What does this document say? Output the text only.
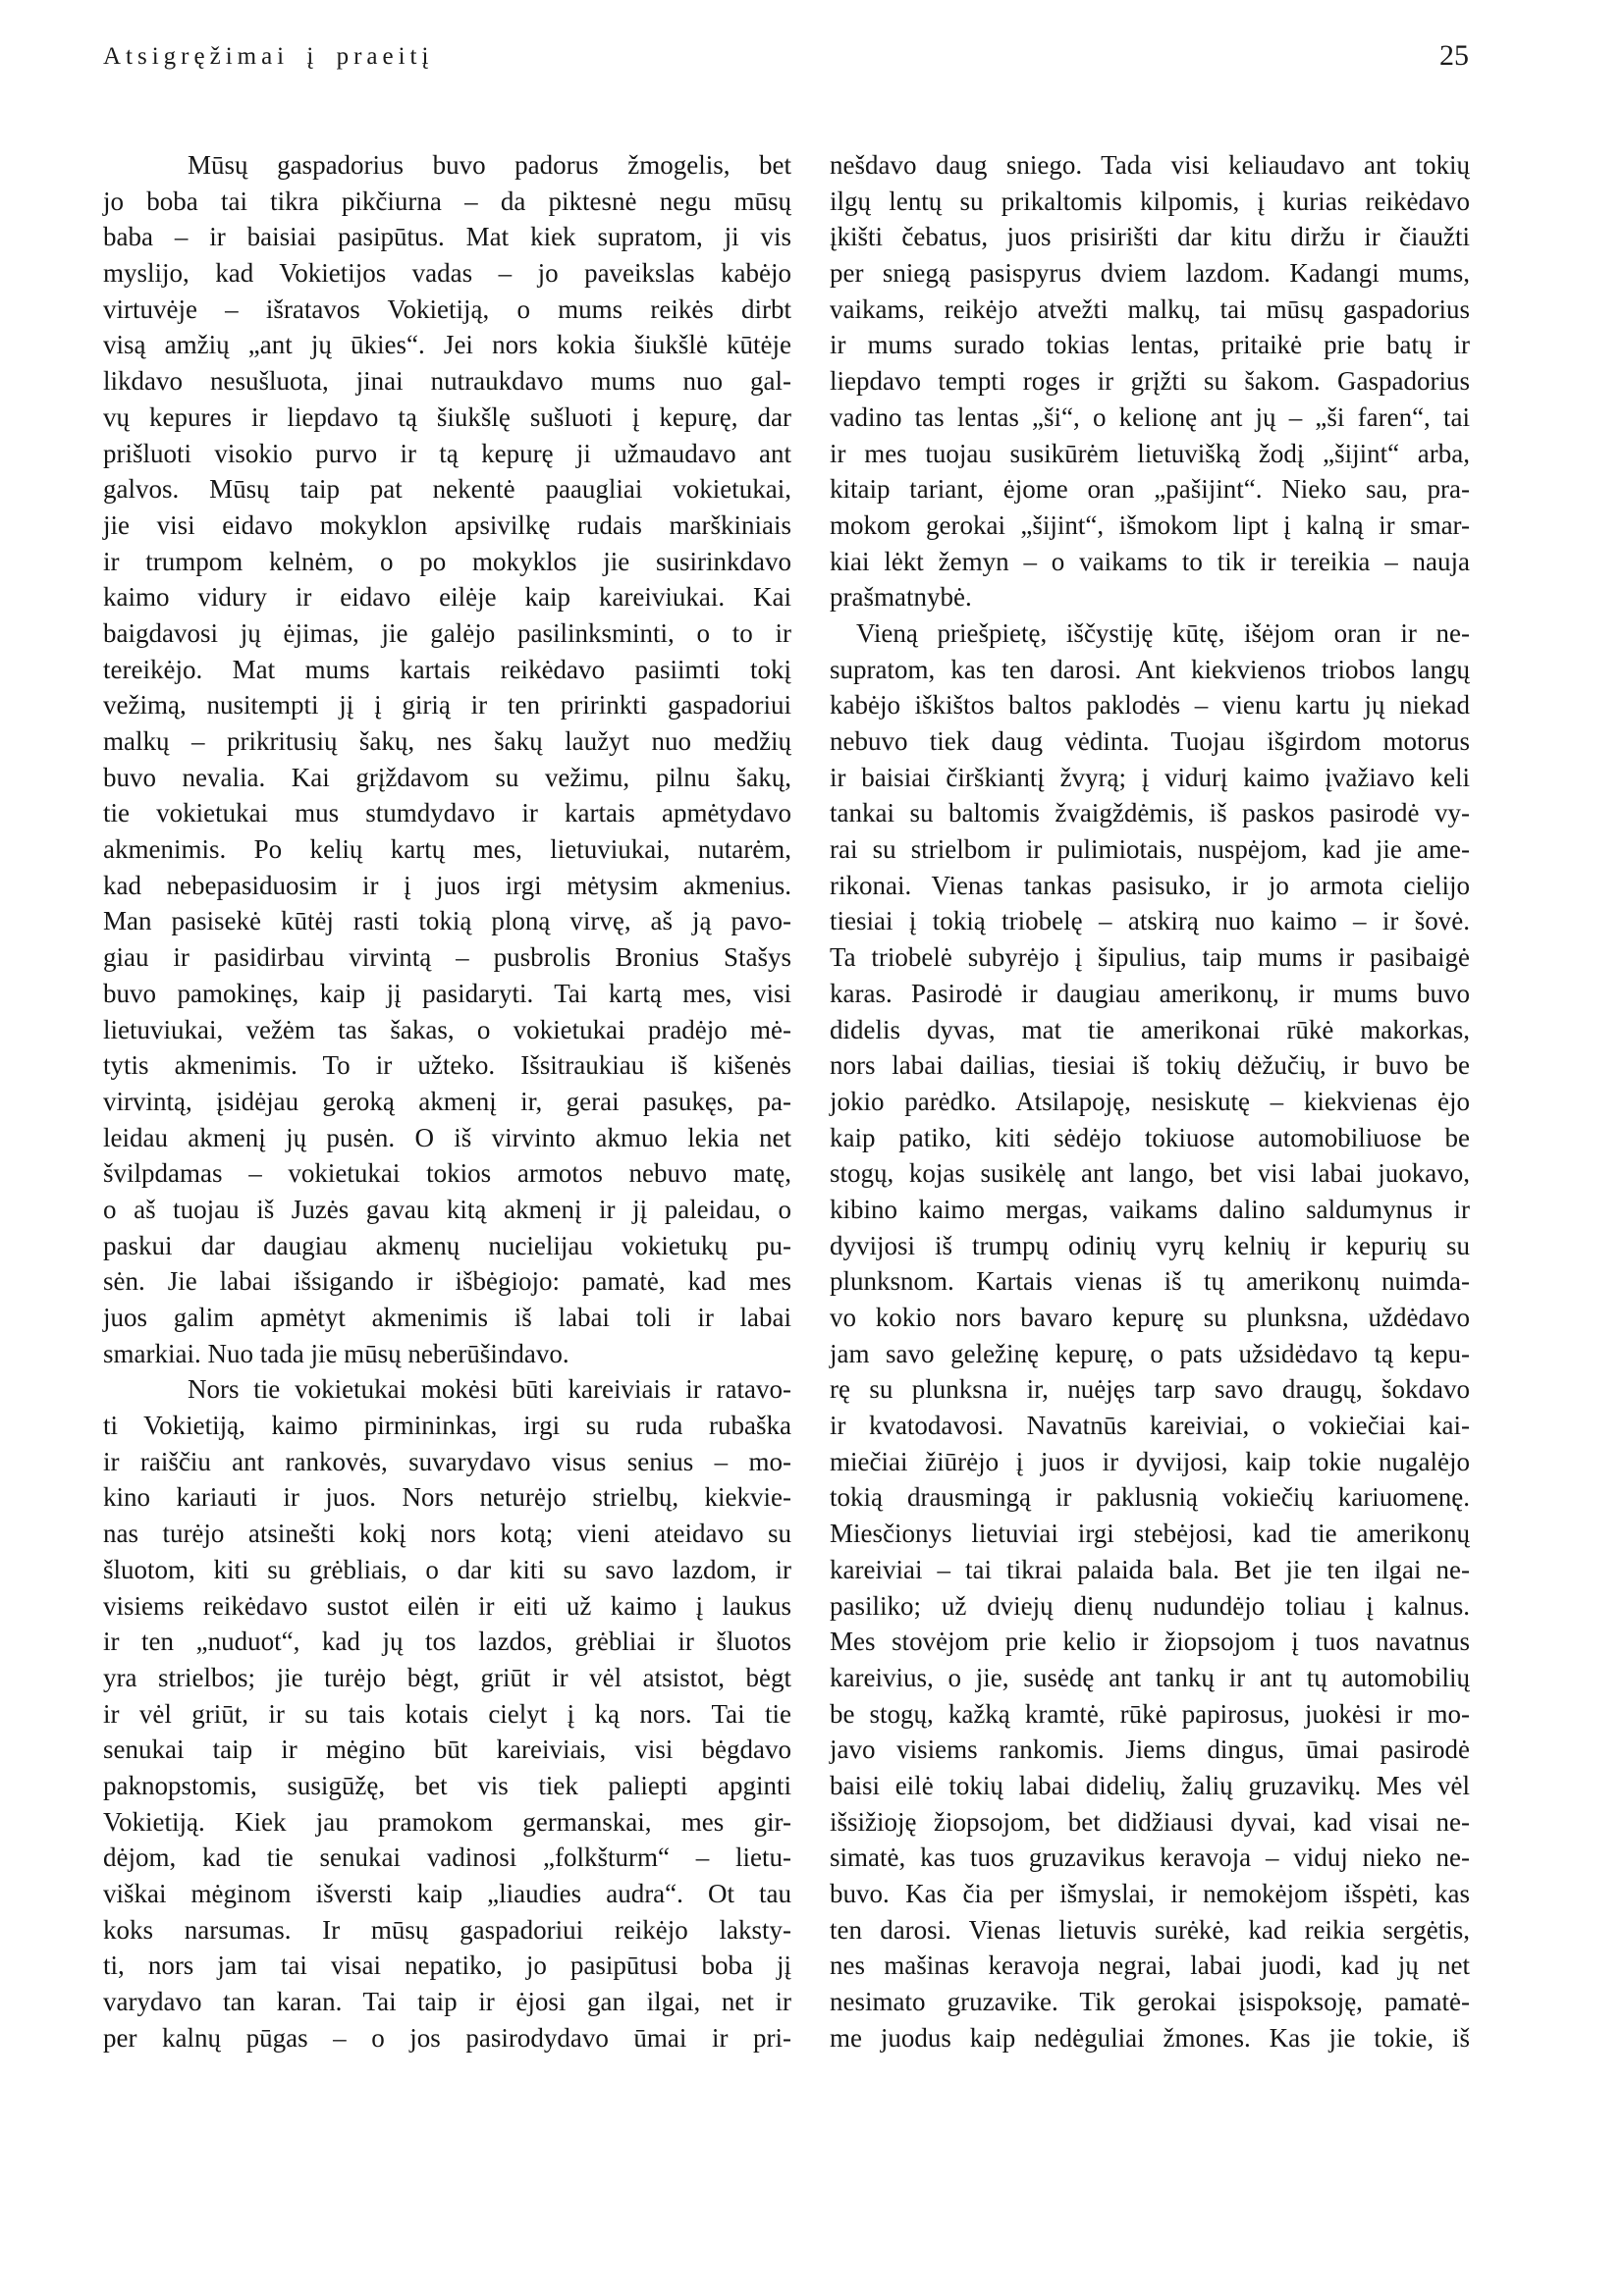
Atsigręžimai į praeitį	25
Mūsų gaspadorius buvo padorus žmogelis, bet
jo boba tai tikra pikčiurna – da piktesnė negu mūsų
baba – ir baisiai pasipūtus. Mat kiek supratom, ji vis
myslijo, kad Vokietijos vadas – jo paveikslas kabėjo
virtuvėje – išratavos Vokietiją, o mums reikės dirbt
visą amžių „ant jų ūkies“. Jei nors kokia šiukšlė kūtėje
likdavo nesušluota, jinai nutraukdavo mums nuo gal-
vų kepures ir liepdavo tą šiukšlę sušluoti į kepurę, dar
prišluoti visokio purvo ir tą kepurę ji užmaudavo ant
galvos. Mūsų taip pat nekentė paaugliai vokietukai,
jie visi eidavo mokyklon apsivilkę rudais marškiniais
ir trumpom kelnėm, o po mokyklos jie susirinkdavo
kaimo vidury ir eidavo eilėje kaip kareiviukai. Kai
baigdavosi jų ėjimas, jie galėjo pasilinksminti, o to ir
tereikėjo. Mat mums kartais reikėdavo pasiimti tokį
vežimą, nusitempti jį į girią ir ten pririnkti gaspadoriui
malkų – prikritusių šakų, nes šakų laužyt nuo medžių
buvo nevalia. Kai grįždavom su vežimu, pilnu šakų,
tie vokietukai mus stumdydavo ir kartais apmėtydavo
akmenimis. Po kelių kartų mes, lietuviukai, nutarėm,
kad nebepasiduosim ir į juos irgi mėtysim akmenius.
Man pasisekė kūtėj rasti tokią ploną virvę, aš ją pavo-
giau ir pasidirbau virvintą – pusbrolis Bronius Stašys
buvo pamokinęs, kaip jį pasidaryti. Tai kartą mes, visi
lietuviukai, vežėm tas šakas, o vokietukai pradėjo mė-
tytis akmenimis. To ir užteko. Išsitraukiau iš kišenės
virvintą, įsidėjau geroką akmenį ir, gerai pasukęs, pa-
leidau akmenį jų pusėn. O iš virvinto akmuo lekia net
švilpdamas – vokietukai tokios armotos nebuvo matę,
o aš tuojau iš Juzės gavau kitą akmenį ir jį paleidau, o
paskui dar daugiau akmenų nucielijau vokietukų pu-
sėn. Jie labai išsigando ir išbėgiojo: pamatė, kad mes
juos galim apmėtyt akmenimis iš labai toli ir labai
smarkiai. Nuo tada jie mūsų neberūšindavo.
Nors tie vokietukai mokėsi būti kareiviais ir ratavo-
ti Vokietiją, kaimo pirmininkas, irgi su ruda rubaška
ir raiščiu ant rankovės, suvarydavo visus senius – mo-
kino kariauti ir juos. Nors neturėjo strielbų, kiekvie-
nas turėjo atsinešti kokį nors kotą; vieni ateidavo su
šluotom, kiti su grėbliais, o dar kiti su savo lazdom, ir
visiems reikėdavo sustot eilėn ir eiti už kaimo į laukus
ir ten „nuduot“, kad jų tos lazdos, grėbliai ir šluotos
yra strielbos; jie turėjo bėgt, griūt ir vėl atsistot, bėgt
ir vėl griūt, ir su tais kotais cielyt į ką nors. Tai tie
senukai taip ir mėgino būt kareiviais, visi bėgdavo
paknopstomis, susigūžę, bet vis tiek paliepti apginti
Vokietiją. Kiek jau pramokom germanskai, mes gir-
dėjom, kad tie senukai vadinosi „folkšturm“ – lietu-
viškai mėginom išversti kaip „liaudies audra“. Ot tau
koks narsumas. Ir mūsų gaspadoriui reikėjo laksty-
ti, nors jam tai visai nepatiko, jo pasipūtusi boba jį
varydavo tan karan. Tai taip ir ėjosi gan ilgai, net ir
per kalnų pūgas – o jos pasirodydavo ūmai ir pri-
nešdavo daug sniego. Tada visi keliaudavo ant tokių
ilgų lentų su prikaltomis kilpomis, į kurias reikėdavo
įkišti čebatus, juos prisirišti dar kitu diržu ir čiaužti
per sniegą pasispyrus dviem lazdom. Kadangi mums,
vaikams, reikėjo atvežti malkų, tai mūsų gaspadorius
ir mums surado tokias lentas, pritaikė prie batų ir
liepdavo tempti roges ir grįžti su šakom. Gaspadorius
vadino tas lentas „ši“, o kelionę ant jų – „ši faren“, tai
ir mes tuojau susikūrėm lietuvišką žodį „šijint“ arba,
kitaip tariant, ėjome oran „pašijint“. Nieko sau, pra-
mokom gerokai „šijint“, išmokom lipt į kalną ir smar-
kiai lėkt žemyn – o vaikams to tik ir tereikia – nauja
prašmatnybė.
Vieną priešpietę, iščystiję kūtę, išėjom oran ir ne-
supratom, kas ten darosi. Ant kiekvienos triobos langų
kabėjo iškištos baltos paklodės – vienu kartu jų niekad
nebuvo tiek daug vėdinta. Tuojau išgirdom motorus
ir baisiai čirškiantį žvyrą; į vidurį kaimo įvažiavo keli
tankai su baltomis žvaigždėmis, iš paskos pasirodė vy-
rai su strielbom ir pulimiotais, nuspėjom, kad jie ame-
rikonai. Vienas tankas pasisuko, ir jo armota cielijo
tiesiai į tokią triobelę – atskirą nuo kaimo – ir šovė.
Ta triobelė subyrėjo į šipulius, taip mums ir pasibaigė
karas. Pasirodė ir daugiau amerikonų, ir mums buvo
didelis dyvas, mat tie amerikonai rūkė makorkas,
nors labai dailias, tiesiai iš tokių dėžučių, ir buvo be
jokio parėdko. Atsilapoję, nesiskutę – kiekvienas ėjo
kaip patiko, kiti sėdėjo tokiuose automobiliuose be
stogų, kojas susikėlę ant lango, bet visi labai juokavo,
kibino kaimo mergas, vaikams dalino saldumynus ir
dyvijosi iš trumpų odinių vyrų kelnių ir kepurių su
plunksnom. Kartais vienas iš tų amerikonų nuimda-
vo kokio nors bavaro kepurę su plunksna, uždėdavo
jam savo geležinę kepurę, o pats užsidėdavo tą kepu-
rę su plunksna ir, nuėjęs tarp savo draugų, šokdavo
ir kvatodavosi. Navatnūs kareiviai, o vokiečiai kai-
miečiai žiūrėjo į juos ir dyvijosi, kaip tokie nugalėjo
tokią drausmingą ir paklusnią vokiečių kariuomenę.
Miesčionys lietuviai irgi stebėjosi, kad tie amerikonų
kareiviai – tai tikrai palaida bala. Bet jie ten ilgai ne-
pasiliko; už dviejų dienų nudundėjo toliau į kalnus.
Mes stovėjom prie kelio ir žiopsojom į tuos navatnus
kareivius, o jie, susėdę ant tankų ir ant tų automobilių
be stogų, kažką kramtė, rūkė papirosus, juokėsi ir mo-
javo visiems rankomis. Jiems dingus, ūmai pasirodė
baisi eilė tokių labai didelių, žalių gruzavikų. Mes vėl
išsižioję žiopsojom, bet didžiausi dyvai, kad visai ne-
simatė, kas tuos gruzavikus keravoja – viduj nieko ne-
buvo. Kas čia per išmyslai, ir nemokėjom išspėti, kas
ten darosi. Vienas lietuvis surėkė, kad reikia sergėtis,
nes mašinas keravoja negrai, labai juodi, kad jų net
nesimato gruzavike. Tik gerokai įsispoksoję, pamatė-
me juodus kaip nedėguliai žmones. Kas jie tokie, iš
